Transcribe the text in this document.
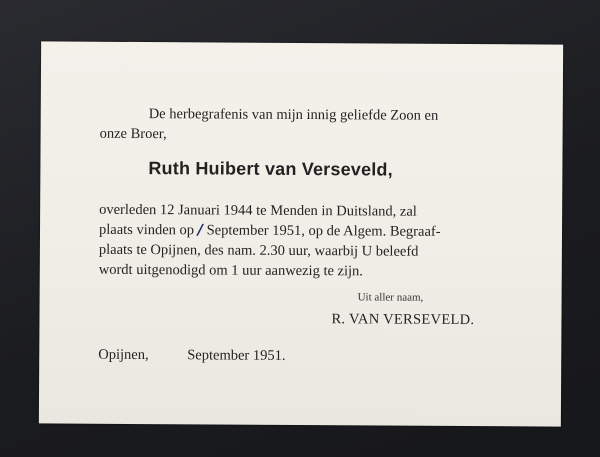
De herbegrafenis van mijn innig geliefde Zoon en
onze Broer,
Ruth Huibert van Verseveld,
overleden 12 Januari 1944 te Menden in Duitsland, zal
plaats vinden op / September 1951, op de Algem. Begraaf-
plaats te Opijnen, des nam. 2.30 uur, waarbij U beleefd
wordt uitgenodigd om 1 uur aanwezig te zijn.
Uit aller naam,
R. VAN VERSEVELD.
Opijnen,	September 1951.
